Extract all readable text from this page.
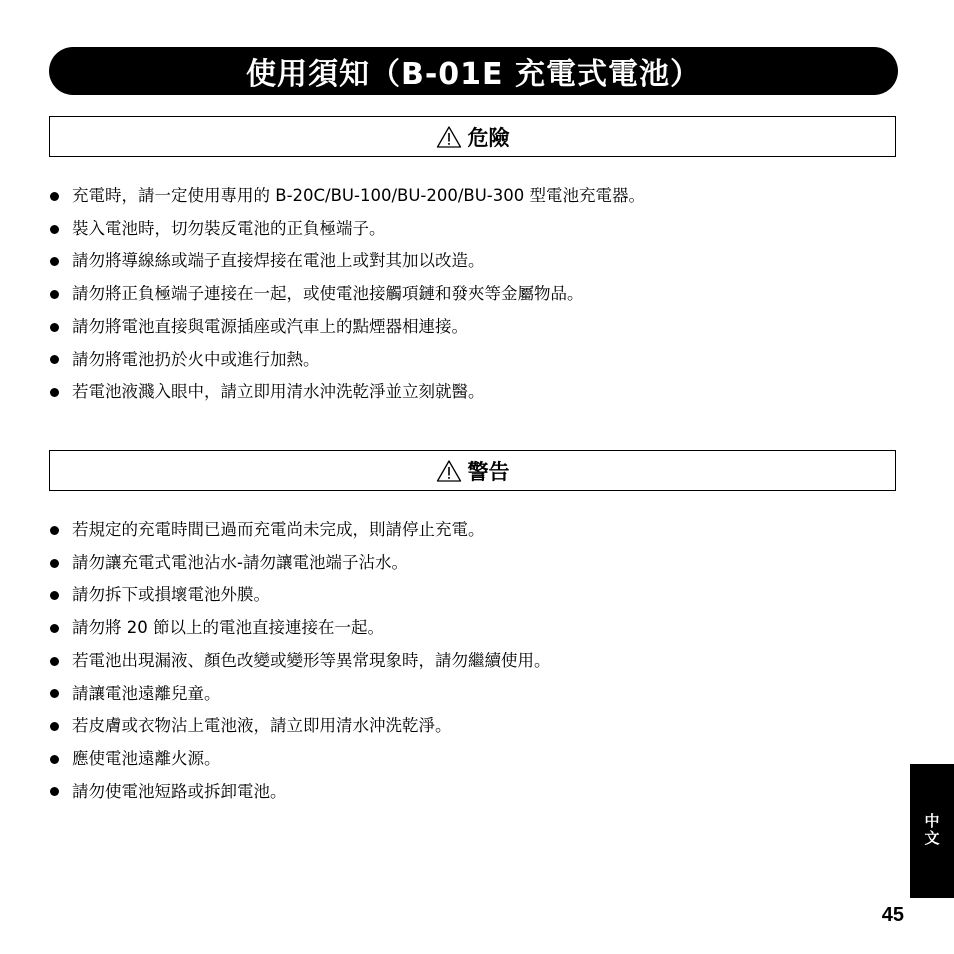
使用須知（B-01E 充電式電池）
危險
充電時，請一定使用專用的 B-20C/BU-100/BU-200/BU-300 型電池充電器。
裝入電池時，切勿裝反電池的正負極端子。
請勿將導線絲或端子直接焊接在電池上或對其加以改造。
請勿將正負極端子連接在一起，或使電池接觸項鏈和發夾等金屬物品。
請勿將電池直接與電源插座或汽車上的點煙器相連接。
請勿將電池扔於火中或進行加熱。
若電池液濺入眼中，請立即用清水沖洗乾淨並立刻就醫。
警告
若規定的充電時間已過而充電尚未完成，則請停止充電。
請勿讓充電式電池沾水-請勿讓電池端子沾水。
請勿拆下或損壞電池外膜。
請勿將 20 節以上的電池直接連接在一起。
若電池出現漏液、顏色改變或變形等異常現象時，請勿繼續使用。
請讓電池遠離兒童。
若皮膚或衣物沾上電池液，請立即用清水沖洗乾淨。
應使電池遠離火源。
請勿使電池短路或拆卸電池。
中文
45
